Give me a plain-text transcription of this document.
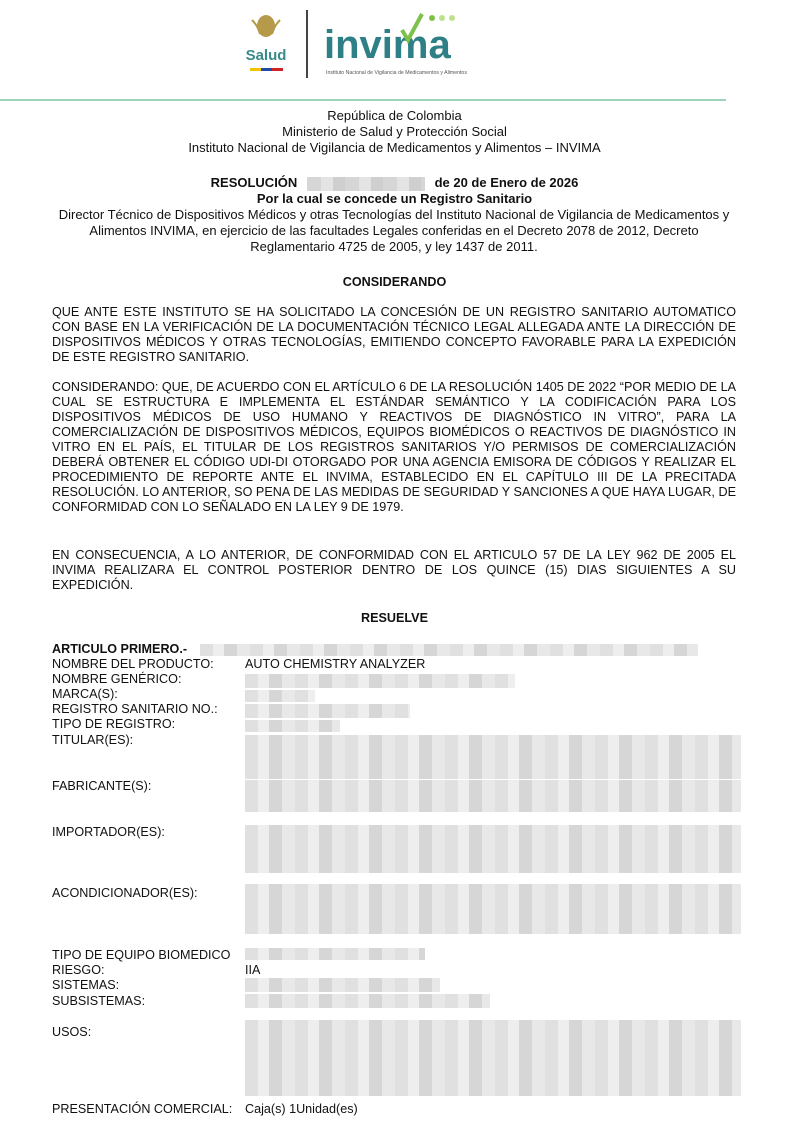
Salud invima
Instituto Nacional de Vigilancia de Medicamentos y Alimentos
República de Colombia
Ministerio de Salud y Protección Social
Instituto Nacional de Vigilancia de Medicamentos y Alimentos – INVIMA
RESOLUCIÓN	de 20 de Enero de 2026
Por la cual se concede un Registro Sanitario
Director Técnico de Dispositivos Médicos y otras Tecnologías del Instituto Nacional de Vigilancia de Medicamentos y Alimentos INVIMA, en ejercicio de las facultades Legales conferidas en el Decreto 2078 de 2012, Decreto Reglamentario 4725 de 2005, y ley 1437 de 2011.
CONSIDERANDO
QUE ANTE ESTE INSTITUTO SE HA SOLICITADO LA CONCESIÓN DE UN REGISTRO SANITARIO AUTOMATICO CON BASE EN LA VERIFICACIÓN DE LA DOCUMENTACIÓN TÉCNICO LEGAL ALLEGADA ANTE LA DIRECCIÓN DE DISPOSITIVOS MÉDICOS Y OTRAS TECNOLOGÍAS, EMITIENDO CONCEPTO FAVORABLE PARA LA EXPEDICIÓN DE ESTE REGISTRO SANITARIO.
CONSIDERANDO: QUE, DE ACUERDO CON EL ARTÍCULO 6 DE LA RESOLUCIÓN 1405 DE 2022 “POR MEDIO DE LA CUAL SE ESTRUCTURA E IMPLEMENTA EL ESTÁNDAR SEMÁNTICO Y LA CODIFICACIÓN PARA LOS DISPOSITIVOS MÉDICOS DE USO HUMANO Y REACTIVOS DE DIAGNÓSTICO IN VITRO”, PARA LA COMERCIALIZACIÓN DE DISPOSITIVOS MÉDICOS, EQUIPOS BIOMÉDICOS O REACTIVOS DE DIAGNÓSTICO IN VITRO EN EL PAÍS, EL TITULAR DE LOS REGISTROS SANITARIOS Y/O PERMISOS DE COMERCIALIZACIÓN DEBERÁ OBTENER EL CÓDIGO UDI-DI OTORGADO POR UNA AGENCIA EMISORA DE CÓDIGOS Y REALIZAR EL PROCEDIMIENTO DE REPORTE ANTE EL INVIMA, ESTABLECIDO EN EL CAPÍTULO III DE LA PRECITADA RESOLUCIÓN. LO ANTERIOR, SO PENA DE LAS MEDIDAS DE SEGURIDAD Y SANCIONES A QUE HAYA LUGAR, DE CONFORMIDAD CON LO SEÑALADO EN LA LEY 9 DE 1979.
EN CONSECUENCIA, A LO ANTERIOR, DE CONFORMIDAD CON EL ARTICULO 57 DE LA LEY 962 DE 2005 EL INVIMA REALIZARA EL CONTROL POSTERIOR DENTRO DE LOS QUINCE (15) DIAS SIGUIENTES A SU EXPEDICIÓN.
RESUELVE
ARTICULO PRIMERO.-
NOMBRE DEL PRODUCTO: AUTO CHEMISTRY ANALYZER
NOMBRE GENÉRICO:
MARCA(S):
REGISTRO SANITARIO NO.:
TIPO DE REGISTRO:
TITULAR(ES):
FABRICANTE(S):
IMPORTADOR(ES):
ACONDICIONADOR(ES):
TIPO DE EQUIPO BIOMEDICO
RIESGO:	IIA
SISTEMAS:
SUBSISTEMAS:
USOS:
PRESENTACIÓN COMERCIAL: Caja(s) 1Unidad(es)
